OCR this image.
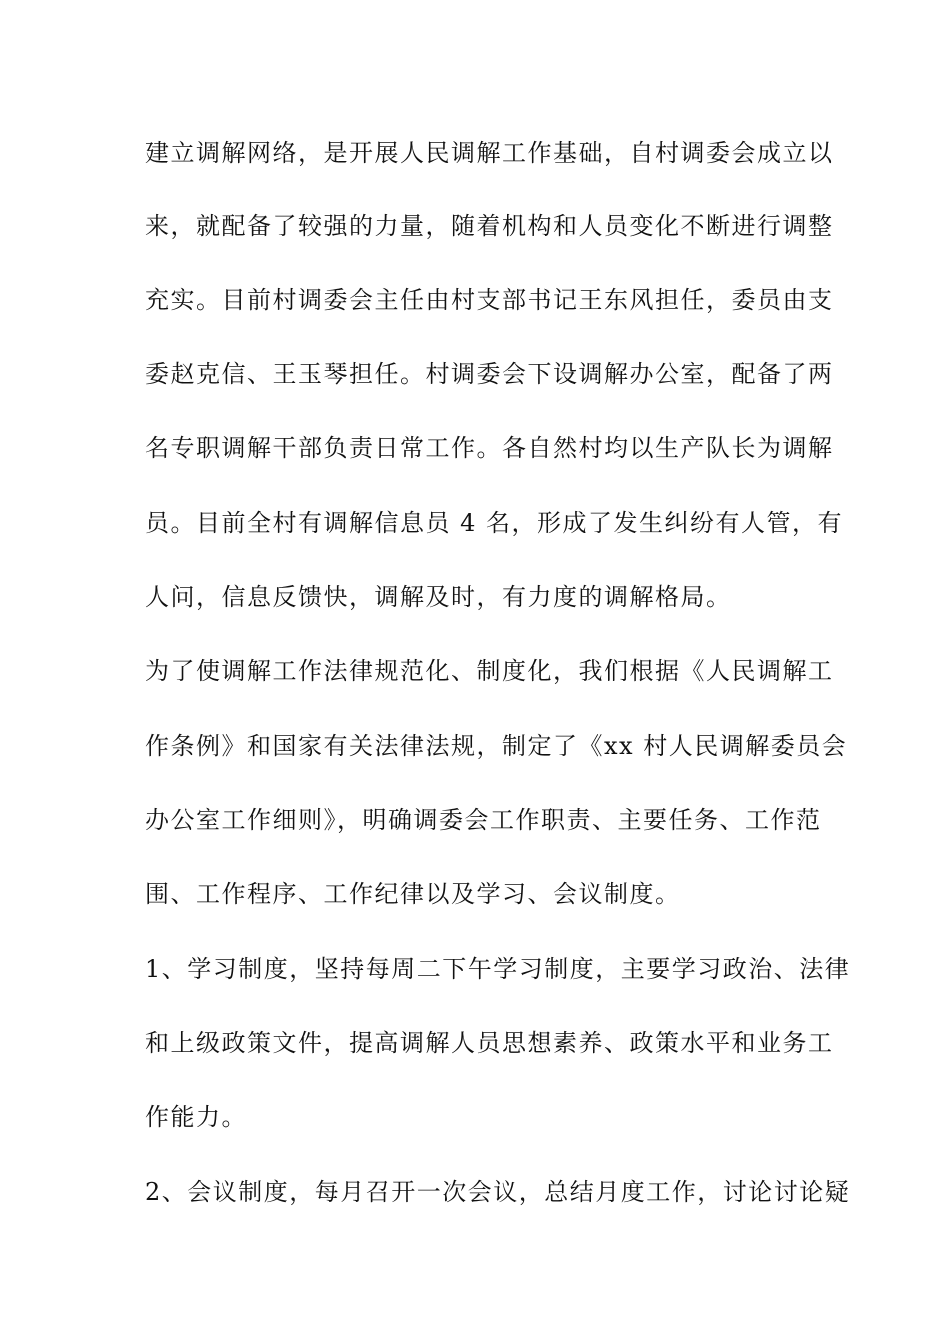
建立调解网络，是开展人民调解工作基础，自村调委会成立以
来，就配备了较强的力量，随着机构和人员变化不断进行调整
充实。目前村调委会主任由村支部书记王东风担任，委员由支
委赵克信、王玉琴担任。村调委会下设调解办公室，配备了两
名专职调解干部负责日常工作。各自然村均以生产队长为调解
员。目前全村有调解信息员 4 名，形成了发生纠纷有人管，有
人问，信息反馈快，调解及时，有力度的调解格局。
为了使调解工作法律规范化、制度化，我们根据《人民调解工
作条例》和国家有关法律法规，制定了《xx 村人民调解委员会
办公室工作细则》，明确调委会工作职责、主要任务、工作范
围、工作程序、工作纪律以及学习、会议制度。
1、学习制度，坚持每周二下午学习制度，主要学习政治、法律
和上级政策文件，提高调解人员思想素养、政策水平和业务工
作能力。
2、会议制度，每月召开一次会议，总结月度工作，讨论讨论疑
